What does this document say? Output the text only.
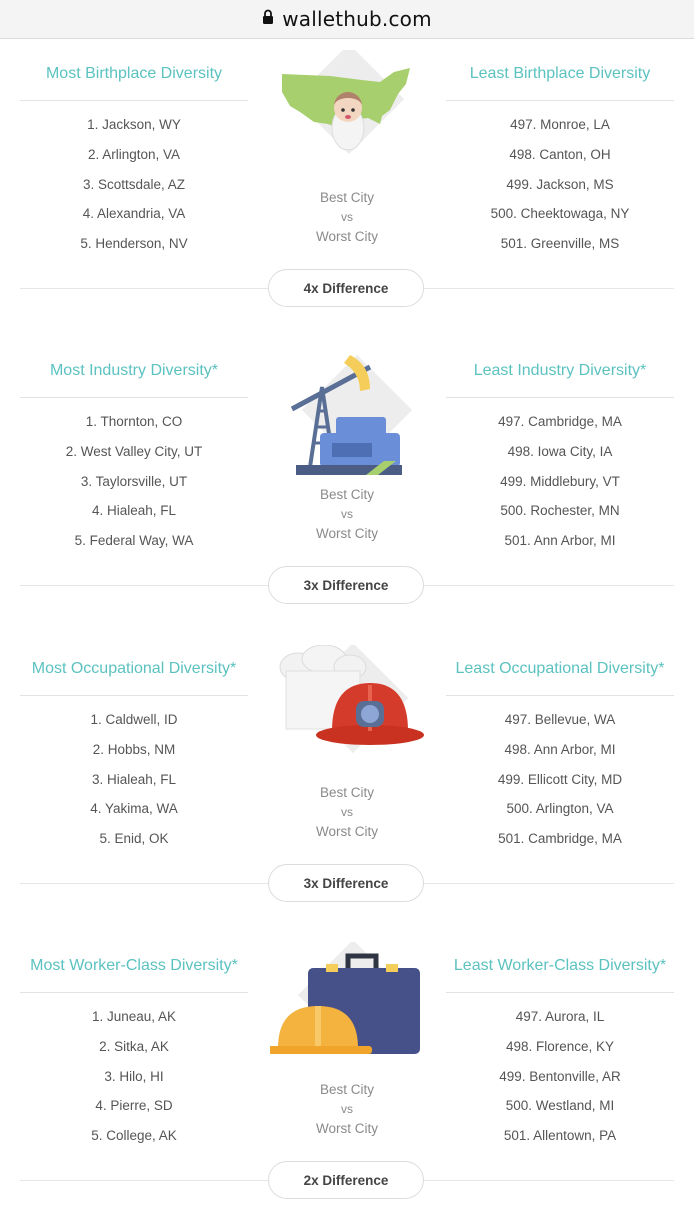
wallethub.com
Most Birthplace Diversity	Least Birthplace Diversity
1. Jackson, WY
2. Arlington, VA
3. Scottsdale, AZ
4. Alexandria, VA
5. Henderson, NV
497. Monroe, LA
498. Canton, OH
499. Jackson, MS
500. Cheektowaga, NY
501. Greenville, MS
Best City
vs
Worst City
4x Difference
Most Industry Diversity*	Least Industry Diversity*
1. Thornton, CO
2. West Valley City, UT
3. Taylorsville, UT
4. Hialeah, FL
5. Federal Way, WA
497. Cambridge, MA
498. Iowa City, IA
499. Middlebury, VT
500. Rochester, MN
501. Ann Arbor, MI
Best City
vs
Worst City
3x Difference
Most Occupational Diversity*	Least Occupational Diversity*
1. Caldwell, ID
2. Hobbs, NM
3. Hialeah, FL
4. Yakima, WA
5. Enid, OK
497. Bellevue, WA
498. Ann Arbor, MI
499. Ellicott City, MD
500. Arlington, VA
501. Cambridge, MA
Best City
vs
Worst City
3x Difference
Most Worker-Class Diversity*	Least Worker-Class Diversity*
1. Juneau, AK
2. Sitka, AK
3. Hilo, HI
4. Pierre, SD
5. College, AK
497. Aurora, IL
498. Florence, KY
499. Bentonville, AR
500. Westland, MI
501. Allentown, PA
Best City
vs
Worst City
2x Difference
